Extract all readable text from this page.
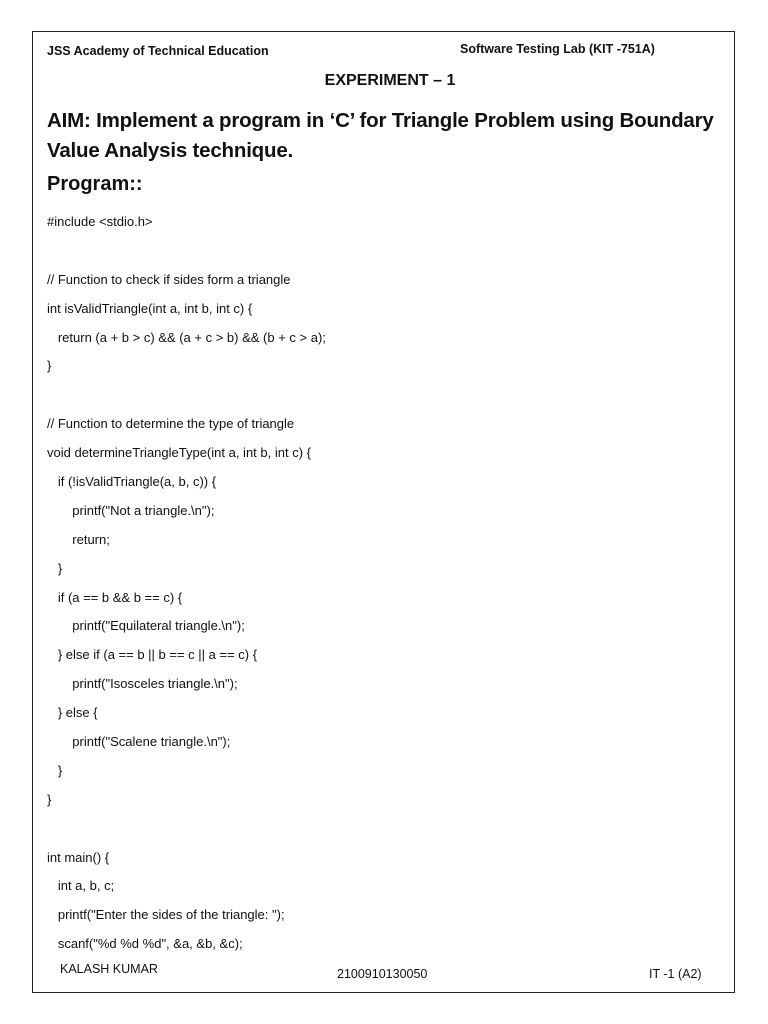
JSS Academy of Technical Education	Software Testing Lab (KIT -751A)
EXPERIMENT – 1
AIM: Implement a program in ‘C’ for Triangle Problem using Boundary Value Analysis technique.
Program::
#include <stdio.h>
// Function to check if sides form a triangle
int isValidTriangle(int a, int b, int c) {
return (a + b > c) && (a + c > b) && (b + c > a);
}
// Function to determine the type of triangle
void determineTriangleType(int a, int b, int c) {
if (!isValidTriangle(a, b, c)) {
printf("Not a triangle.\n");
return;
}
if (a == b && b == c) {
printf("Equilateral triangle.\n");
} else if (a == b || b == c || a == c) {
printf("Isosceles triangle.\n");
} else {
printf("Scalene triangle.\n");
}
}
int main() {
int a, b, c;
printf("Enter the sides of the triangle: ");
scanf("%d %d %d", &a, &b, &c);
KALASH KUMAR	2100910130050	IT -1 (A2)
